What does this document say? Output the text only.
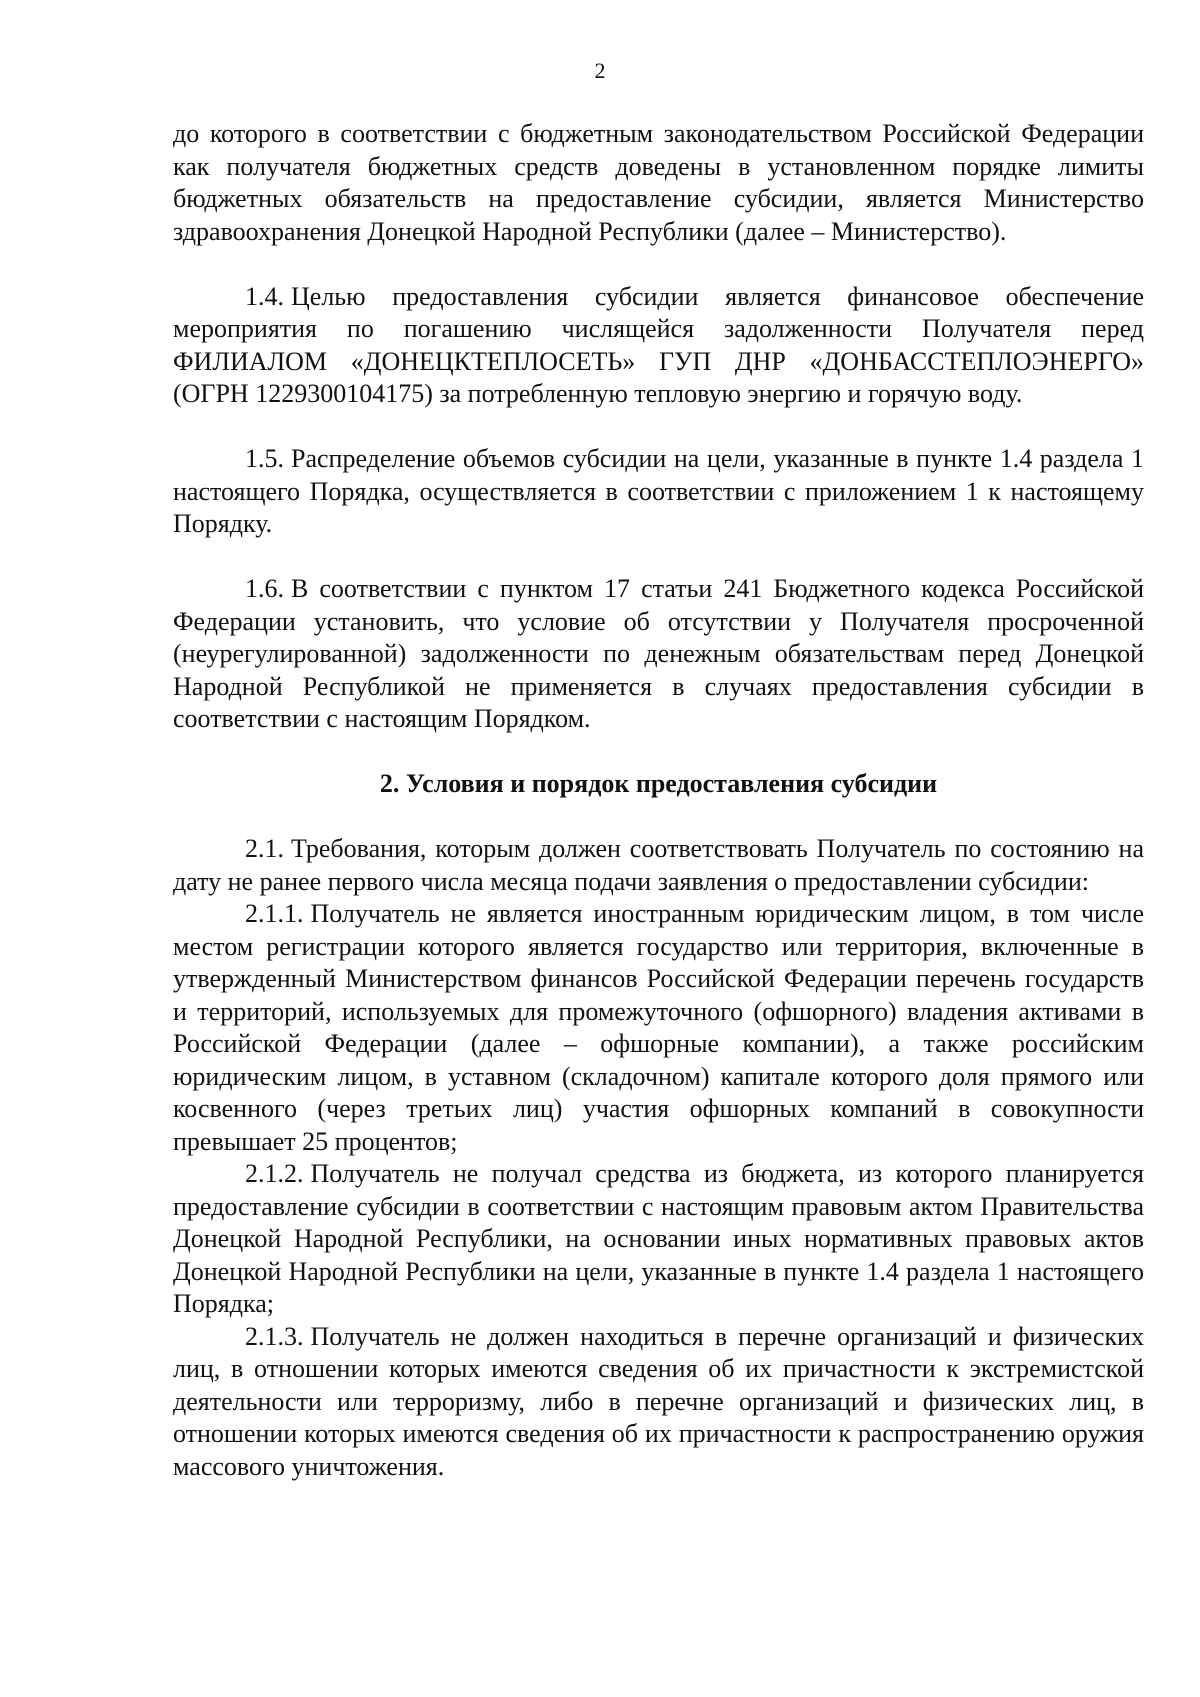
2

до которого в соответствии с бюджетным законодательством Российской Федерации как получателя бюджетных средств доведены в установленном порядке лимиты бюджетных обязательств на предоставление субсидии, является Министерство здравоохранения Донецкой Народной Республики (далее – Министерство).

1.4. Целью предоставления субсидии является финансовое обеспечение мероприятия по погашению числящейся задолженности Получателя перед ФИЛИАЛОМ «ДОНЕЦКТЕПЛОСЕТЬ» ГУП ДНР «ДОНБАССТЕПЛОЭНЕРГО» (ОГРН 1229300104175) за потребленную тепловую энергию и горячую воду.

1.5. Распределение объемов субсидии на цели, указанные в пункте 1.4 раздела 1 настоящего Порядка, осуществляется в соответствии с приложением 1 к настоящему Порядку.

1.6. В соответствии с пунктом 17 статьи 241 Бюджетного кодекса Российской Федерации установить, что условие об отсутствии у Получателя просроченной (неурегулированной) задолженности по денежным обязательствам перед Донецкой Народной Республикой не применяется в случаях предоставления субсидии в соответствии с настоящим Порядком.

2. Условия и порядок предоставления субсидии

2.1. Требования, которым должен соответствовать Получатель по состоянию на дату не ранее первого числа месяца подачи заявления о предоставлении субсидии:

2.1.1. Получатель не является иностранным юридическим лицом, в том числе местом регистрации которого является государство или территория, включенные в утвержденный Министерством финансов Российской Федерации перечень государств и территорий, используемых для промежуточного (офшорного) владения активами в Российской Федерации (далее – офшорные компании), а также российским юридическим лицом, в уставном (складочном) капитале которого доля прямого или косвенного (через третьих лиц) участия офшорных компаний в совокупности превышает 25 процентов;

2.1.2. Получатель не получал средства из бюджета, из которого планируется предоставление субсидии в соответствии с настоящим правовым актом Правительства Донецкой Народной Республики, на основании иных нормативных правовых актов Донецкой Народной Республики на цели, указанные в пункте 1.4 раздела 1 настоящего Порядка;

2.1.3. Получатель не должен находиться в перечне организаций и физических лиц, в отношении которых имеются сведения об их причастности к экстремистской деятельности или терроризму, либо в перечне организаций и физических лиц, в отношении которых имеются сведения об их причастности к распространению оружия массового уничтожения.
